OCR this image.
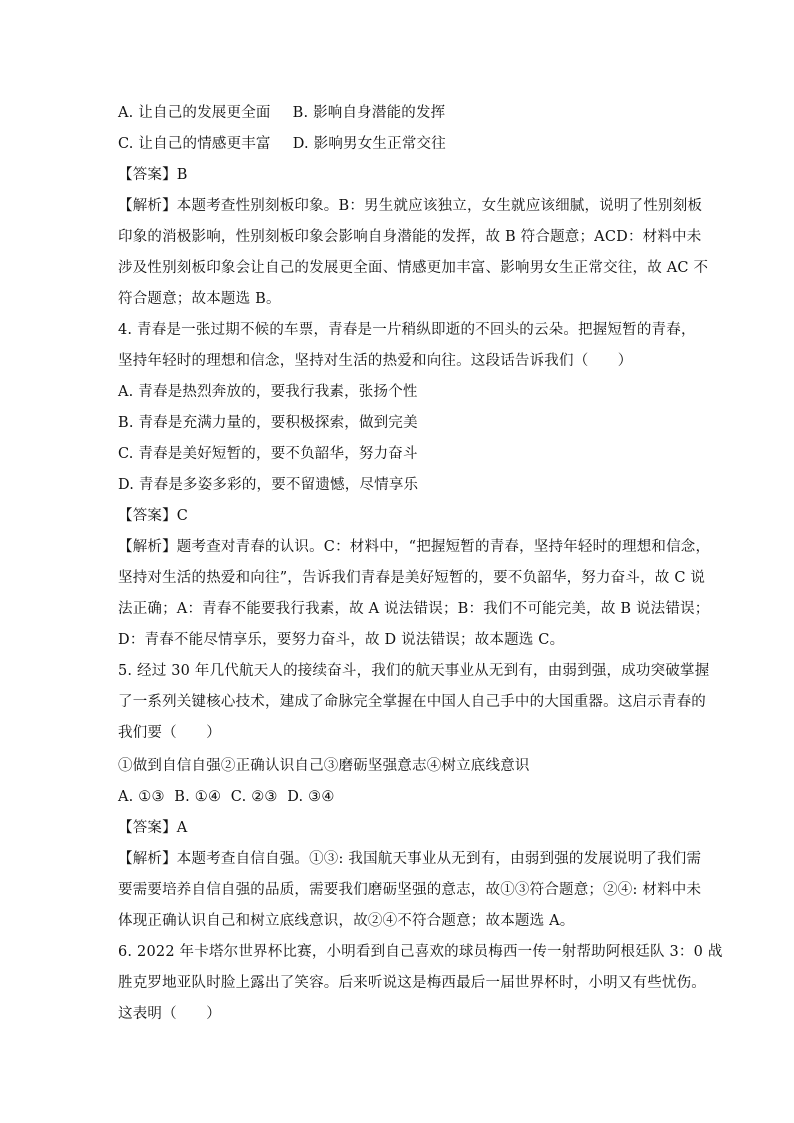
A. 让自己的发展更全面 B. 影响自身潜能的发挥
C. 让自己的情感更丰富 D. 影响男女生正常交往
【答案】B
【解析】本题考查性别刻板印象。B：男生就应该独立，女生就应该细腻，说明了性别刻板
印象的消极影响，性别刻板印象会影响自身潜能的发挥，故 B 符合题意；ACD：材料中未
涉及性别刻板印象会让自己的发展更全面、情感更加丰富、影响男女生正常交往，故 AC 不
符合题意；故本题选 B。
4. 青春是一张过期不候的车票，青春是一片稍纵即逝的不回头的云朵。把握短暂的青春，
坚持年轻时的理想和信念，坚持对生活的热爱和向往。这段话告诉我们（　　）
A. 青春是热烈奔放的，要我行我素，张扬个性
B. 青春是充满力量的，要积极探索，做到完美
C. 青春是美好短暂的，要不负韶华，努力奋斗
D. 青春是多姿多彩的，要不留遗憾，尽情享乐
【答案】C
【解析】题考查对青春的认识。C：材料中，“把握短暂的青春，坚持年轻时的理想和信念，
坚持对生活的热爱和向往”，告诉我们青春是美好短暂的，要不负韶华，努力奋斗，故 C 说
法正确；A：青春不能要我行我素，故 A 说法错误；B：我们不可能完美，故 B 说法错误；
D：青春不能尽情享乐，要努力奋斗，故 D 说法错误；故本题选 C。
5. 经过 30 年几代航天人的接续奋斗，我们的航天事业从无到有，由弱到强，成功突破掌握
了一系列关键核心技术，建成了命脉完全掌握在中国人自己手中的大国重器。这启示青春的
我们要（　　）
①做到自信自强②正确认识自己③磨砺坚强意志④树立底线意识
A. ①③  B. ①④  C. ②③  D. ③④
【答案】A
【解析】本题考查自信自强。①③: 我国航天事业从无到有，由弱到强的发展说明了我们需
要需要培养自信自强的品质，需要我们磨砺坚强的意志，故①③符合题意；②④: 材料中未
体现正确认识自己和树立底线意识，故②④不符合题意；故本题选 A。
6. 2022 年卡塔尔世界杯比赛，小明看到自己喜欢的球员梅西一传一射帮助阿根廷队 3：0 战
胜克罗地亚队时脸上露出了笑容。后来听说这是梅西最后一届世界杯时，小明又有些忧伤。
这表明（　　）
